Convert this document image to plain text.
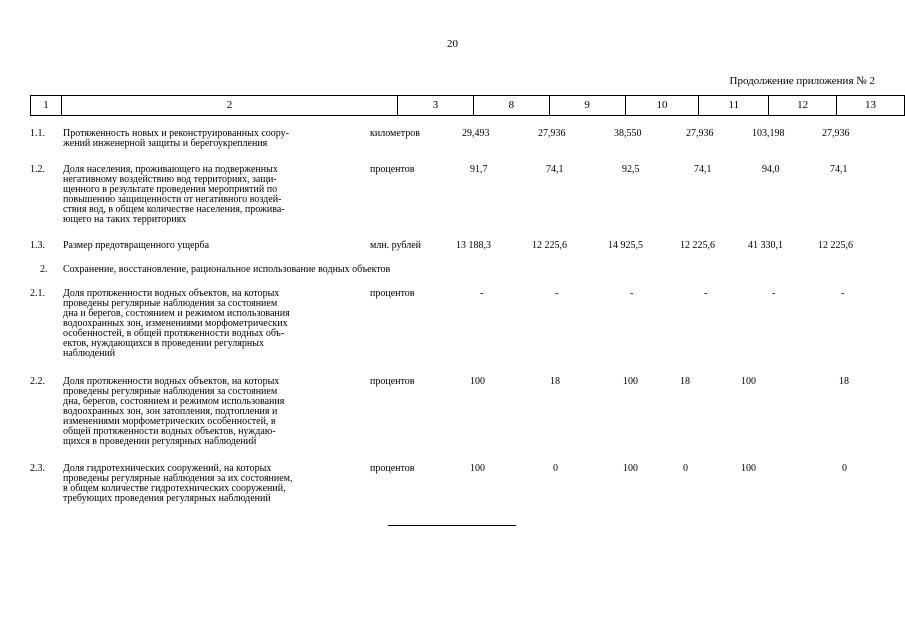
20
Продолжение приложения № 2
1	2	3	8	9	10	11	12	13
1.1.	Протяженность новых и реконструированных соору-
жений инженерной защиты и берегоукрепления
километров	29,493	27,936	38,550	27,936	103,198	27,936
1.2.	Доля населения, проживающего на подверженных
негативному воздействию вод территориях, защи-
щенного в результате проведения мероприятий по
повышению защищенности от негативного воздей-
ствия вод, в общем количестве населения, прожива-
ющего на таких территориях
процентов	91,7	74,1	92,5	74,1	94,0	74,1
1.3.	Размер предотвращенного ущерба	млн. рублей	13 188,3	12 225,6	14 925,5	12 225,6	41 330,1	12 225,6
2. Сохранение, восстановление, рациональное использование водных объектов
2.1.	Доля протяженности водных объектов, на которых
проведены регулярные наблюдения за состоянием
дна и берегов, состоянием и режимом использования
водоохранных зон, изменениями морфометрических
особенностей, в общей протяженности водных объ-
ектов, нуждающихся в проведении регулярных
наблюдений
процентов	-	-	-	-	-	-
2.2.	Доля протяженности водных объектов, на которых
проведены регулярные наблюдения за состоянием
дна, берегов, состоянием и режимом использования
водоохранных зон, зон затопления, подтопления и
изменениями морфометрических особенностей, в
общей протяженности водных объектов, нуждаю-
щихся в проведении регулярных наблюдений
процентов	100	18	100	18	100	18
2.3.	Доля гидротехнических сооружений, на которых
проведены регулярные наблюдения за их состоянием,
в общем количестве гидротехнических сооружений,
требующих проведения регулярных наблюдений
процентов	100	0	100	0	100	0
